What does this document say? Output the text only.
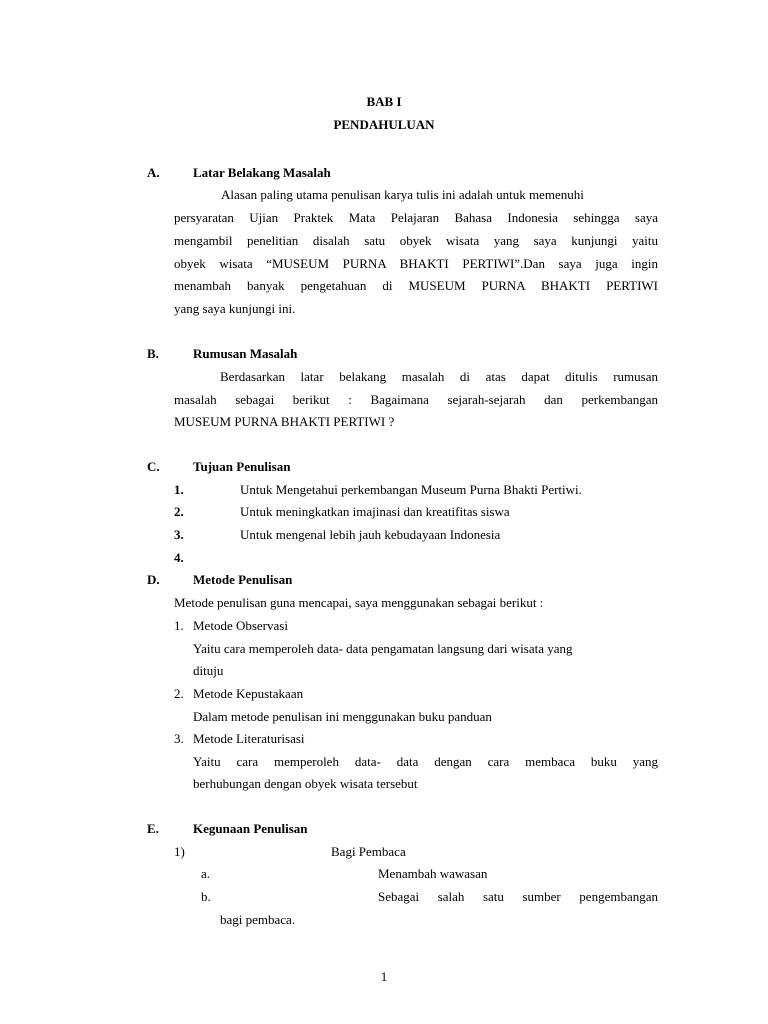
BAB I
PENDAHULUAN
A.	Latar Belakang Masalah
Alasan paling utama penulisan karya tulis ini adalah untuk memenuhi
persyaratan Ujian Praktek Mata Pelajaran Bahasa Indonesia sehingga saya
mengambil penelitian disalah satu obyek wisata yang saya kunjungi yaitu
obyek wisata “MUSEUM PURNA BHAKTI PERTIWI”.Dan saya juga ingin
menambah banyak pengetahuan di MUSEUM PURNA BHAKTI PERTIWI
yang saya kunjungi ini.
B.	Rumusan Masalah
Berdasarkan latar belakang masalah di atas dapat ditulis rumusan
masalah sebagai berikut : Bagaimana sejarah-sejarah dan perkembangan
MUSEUM PURNA BHAKTI PERTIWI ?
C.	Tujuan Penulisan
1.	Untuk Mengetahui perkembangan Museum Purna Bhakti Pertiwi.
2.	Untuk meningkatkan imajinasi dan kreatifitas siswa
3.	Untuk mengenal lebih jauh kebudayaan Indonesia
4.
D.	Metode Penulisan
Metode penulisan guna mencapai, saya menggunakan sebagai berikut :
1. Metode Observasi
Yaitu cara memperoleh data- data pengamatan langsung dari wisata yang
dituju
2. Metode Kepustakaan
Dalam metode penulisan ini menggunakan buku panduan
3. Metode Literaturisasi
Yaitu cara memperoleh data- data dengan cara membaca buku yang
berhubungan dengan obyek wisata tersebut
E.	Kegunaan Penulisan
1)	Bagi Pembaca
a.	Menambah wawasan
b.	Sebagai salah satu sumber pengembangan
bagi pembaca.
1
